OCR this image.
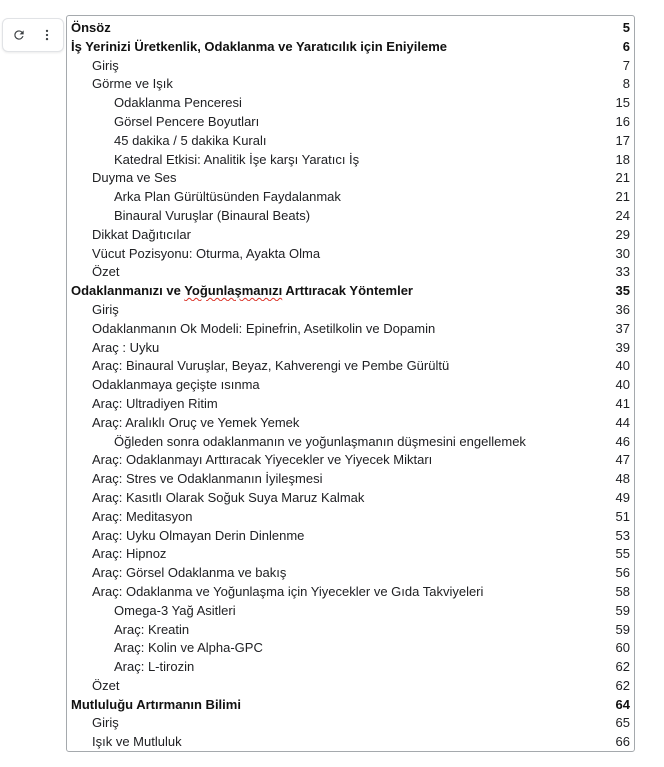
Önsöz	5
İş Yerinizi Üretkenlik, Odaklanma ve Yaratıcılık için Eniyileme	6
Giriş	7
Görme ve Işık	8
Odaklanma Penceresi	15
Görsel Pencere Boyutları	16
45 dakika / 5 dakika Kuralı	17
Katedral Etkisi: Analitik İşe karşı Yaratıcı İş	18
Duyma ve Ses	21
Arka Plan Gürültüsünden Faydalanmak	21
Binaural Vuruşlar (Binaural Beats)	24
Dikkat Dağıtıcılar	29
Vücut Pozisyonu: Oturma, Ayakta Olma	30
Özet	33
Odaklanmanızı ve Yoğunlaşmanızı Arttıracak Yöntemler	35
Giriş	36
Odaklanmanın Ok Modeli: Epinefrin, Asetilkolin ve Dopamin	37
Araç : Uyku	39
Araç: Binaural Vuruşlar, Beyaz, Kahverengi ve Pembe Gürültü	40
Odaklanmaya geçişte ısınma	40
Araç: Ultradiyen Ritim	41
Araç: Aralıklı Oruç ve Yemek Yemek	44
Öğleden sonra odaklanmanın ve yoğunlaşmanın düşmesini engellemek	46
Araç: Odaklanmayı Arttıracak Yiyecekler ve Yiyecek Miktarı	47
Araç: Stres ve Odaklanmanın İyileşmesi	48
Araç: Kasıtlı Olarak Soğuk Suya Maruz Kalmak	49
Araç: Meditasyon	51
Araç: Uyku Olmayan Derin Dinlenme	53
Araç: Hipnoz	55
Araç: Görsel Odaklanma ve bakış	56
Araç: Odaklanma ve Yoğunlaşma için Yiyecekler ve Gıda Takviyeleri	58
Omega-3 Yağ Asitleri	59
Araç: Kreatin	59
Araç: Kolin ve Alpha-GPC	60
Araç: L-tirozin	62
Özet	62
Mutluluğu Artırmanın Bilimi	64
Giriş	65
Işık ve Mutluluk	66
